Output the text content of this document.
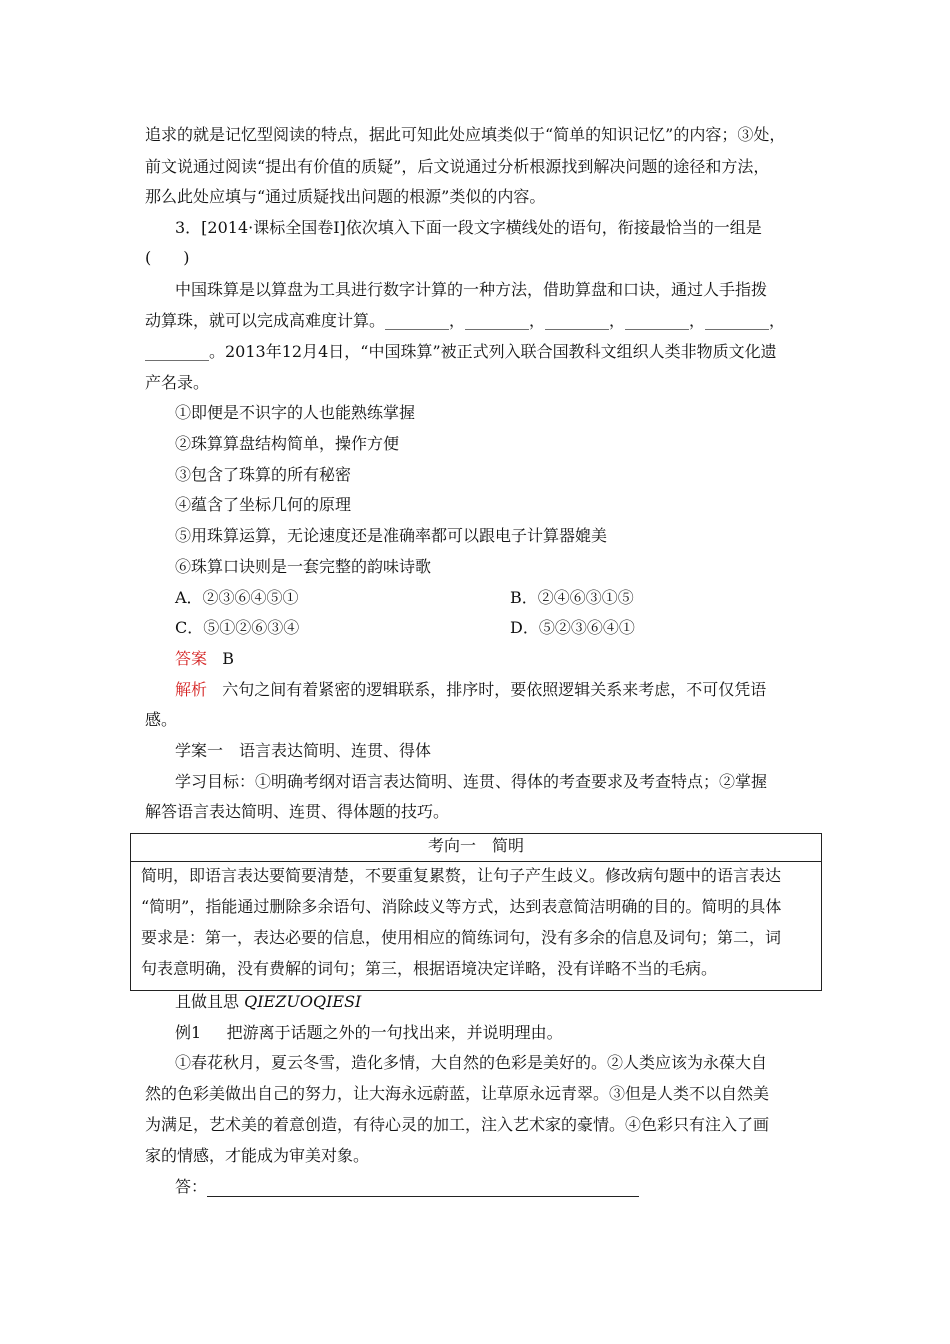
追求的就是记忆型阅读的特点，据此可知此处应填类似于“简单的知识记忆”的内容；③处，
前文说通过阅读“提出有价值的质疑”，后文说通过分析根源找到解决问题的途径和方法，
那么此处应填与“通过质疑找出问题的根源”类似的内容。
3．[2014·课标全国卷Ⅰ]依次填入下面一段文字横线处的语句，衔接最恰当的一组是
(　　)
中国珠算是以算盘为工具进行数字计算的一种方法，借助算盘和口诀，通过人手指拨
动算珠，就可以完成高难度计算。________，________，________，________，________，
________。2013年12月4日，“中国珠算”被正式列入联合国教科文组织人类非物质文化遗
产名录。
①即便是不识字的人也能熟练掌握
②珠算算盘结构简单，操作方便
③包含了珠算的所有秘密
④蕴含了坐标几何的原理
⑤用珠算运算，无论速度还是准确率都可以跟电子计算器媲美
⑥珠算口诀则是一套完整的韵味诗歌
A．②③⑥④⑤①	B．②④⑥③①⑤
C．⑤①②⑥③④	D．⑤②③⑥④①
答案 B
解析 六句之间有着紧密的逻辑联系，排序时，要依照逻辑关系来考虑，不可仅凭语
感。
学案一　语言表达简明、连贯、得体
学习目标：①明确考纲对语言表达简明、连贯、得体的考查要求及考查特点；②掌握
解答语言表达简明、连贯、得体题的技巧。
考向一　简明
简明，即语言表达要简要清楚，不要重复累赘，让句子产生歧义。修改病句题中的语言表达
“简明”，指能通过删除多余语句、消除歧义等方式，达到表意简洁明确的目的。简明的具体
要求是：第一，表达必要的信息，使用相应的简练词句，没有多余的信息及词句；第二，词
句表意明确，没有费解的词句；第三，根据语境决定详略，没有详略不当的毛病。
且做且思 QIEZUOQIESI
例1 把游离于话题之外的一句找出来，并说明理由。
①春花秋月，夏云冬雪，造化多情，大自然的色彩是美好的。②人类应该为永葆大自
然的色彩美做出自己的努力，让大海永远蔚蓝，让草原永远青翠。③但是人类不以自然美
为满足，艺术美的着意创造，有待心灵的加工，注入艺术家的豪情。④色彩只有注入了画
家的情感，才能成为审美对象。
答：
